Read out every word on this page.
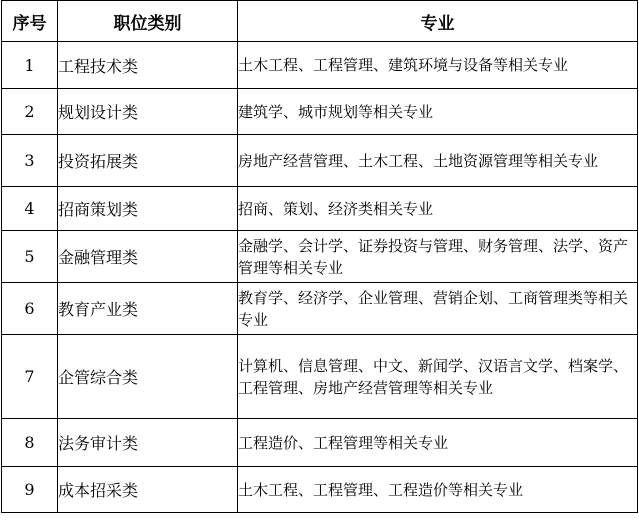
序号	职位类别	专业
1	工程技术类	土木工程、工程管理、建筑环境与设备等相关专业
2	规划设计类	建筑学、城市规划等相关专业
3	投资拓展类	房地产经营管理、土木工程、土地资源管理等相关专业
4	招商策划类	招商、策划、经济类相关专业
5	金融管理类	金融学、会计学、证券投资与管理、财务管理、法学、资产管理等相关专业
6	教育产业类	教育学、经济学、企业管理、营销企划、工商管理类等相关专业
7	企管综合类	计算机、信息管理、中文、新闻学、汉语言文学、档案学、工程管理、房地产经营管理等相关专业
8	法务审计类	工程造价、工程管理等相关专业
9	成本招采类	土木工程、工程管理、工程造价等相关专业
